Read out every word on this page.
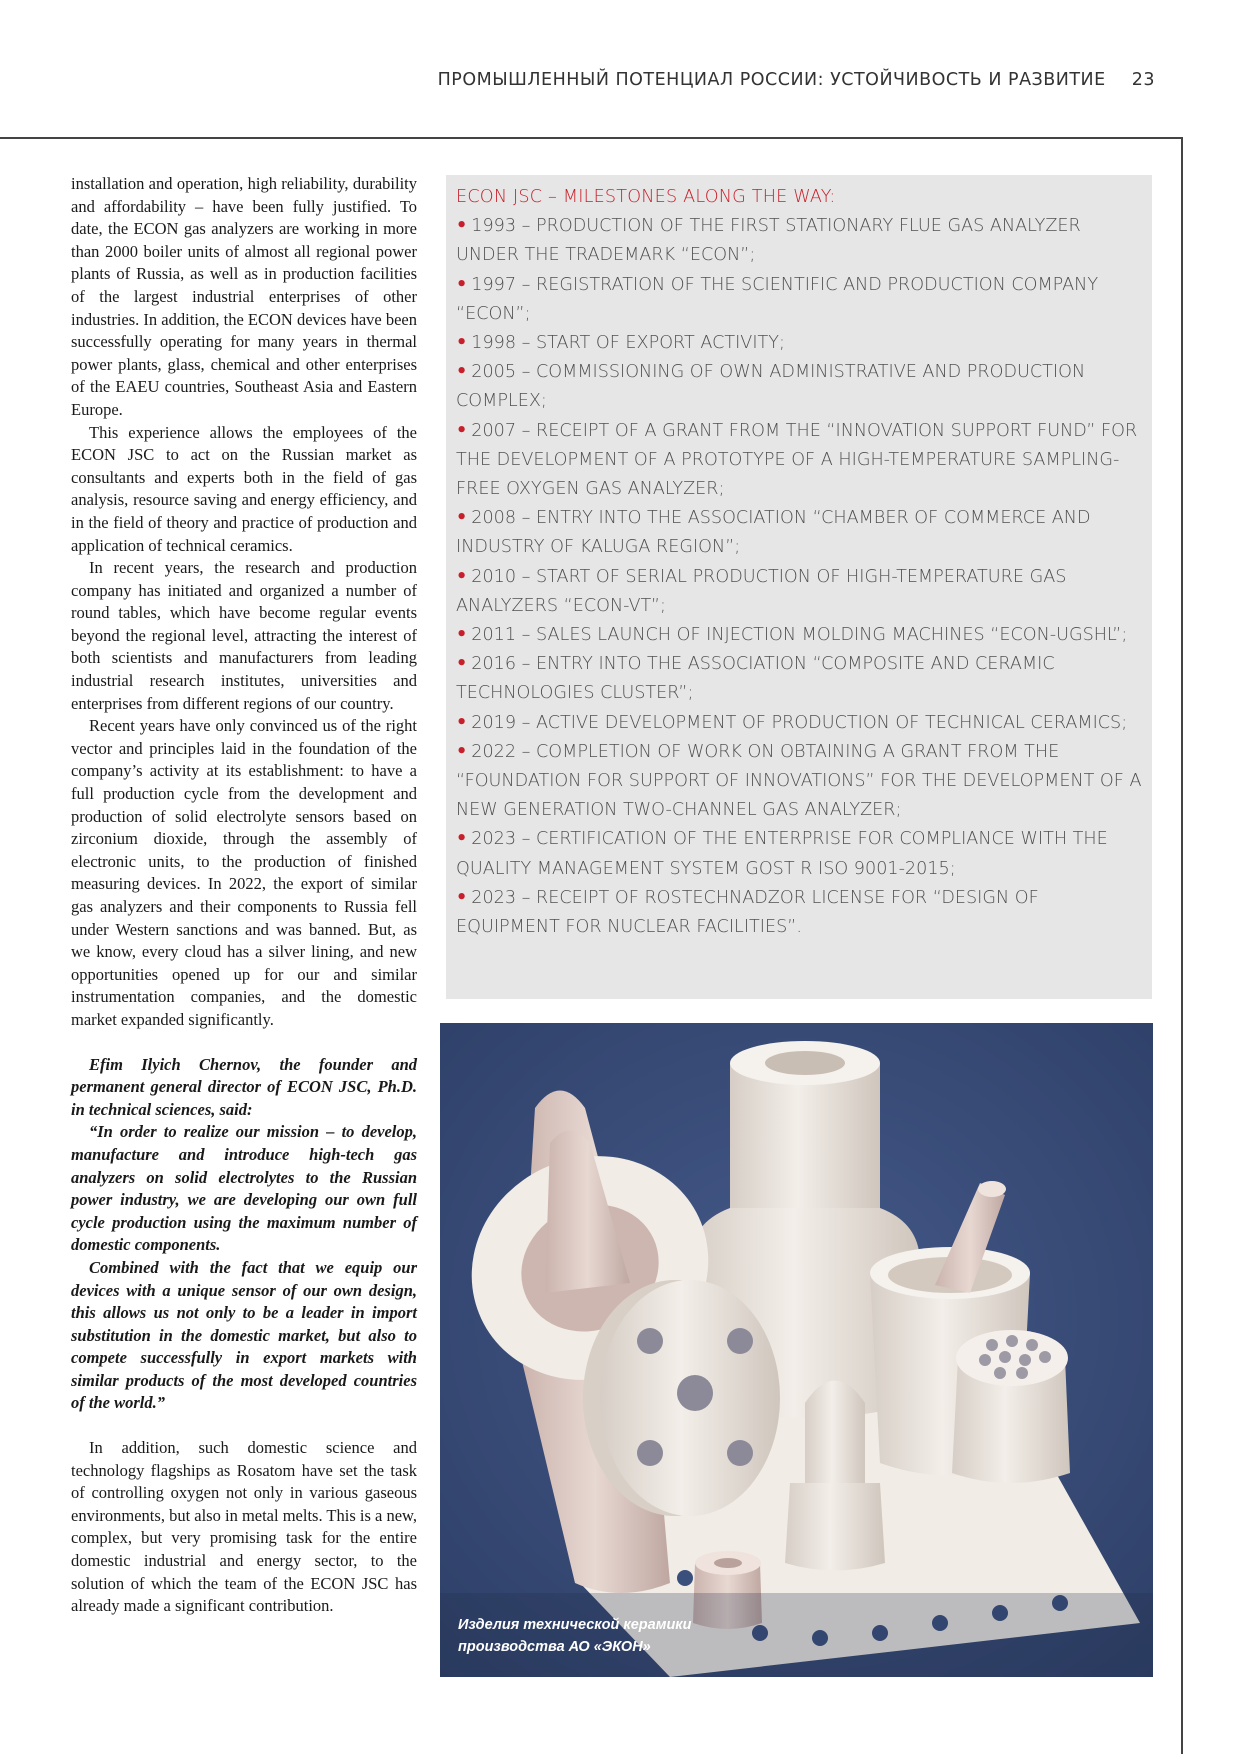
ПРОМЫШЛЕННЫЙ ПОТЕНЦИАЛ РОССИИ: УСТОЙЧИВОСТЬ И РАЗВИТИЕ 23

installation and operation, high reliability, durability and affordability – have been fully justified. To date, the ECON gas analyzers are working in more than 2000 boiler units of almost all regional power plants of Russia, as well as in production facilities of the largest industrial enterprises of other industries. In addition, the ECON devices have been successfully operating for many years in thermal power plants, glass, chemical and other enterprises of the EAEU countries, Southeast Asia and Eastern Europe.

This experience allows the employees of the ECON JSC to act on the Russian market as consultants and experts both in the field of gas analysis, resource saving and energy efficiency, and in the field of theory and practice of production and application of technical ceramics.

In recent years, the research and production company has initiated and organized a number of round tables, which have become regular events beyond the regional level, attracting the interest of both scientists and manufacturers from leading industrial research institutes, universities and enterprises from different regions of our country.

Recent years have only convinced us of the right vector and principles laid in the foundation of the company’s activity at its establishment: to have a full production cycle from the development and production of solid electrolyte sensors based on zirconium dioxide, through the assembly of electronic units, to the production of finished measuring devices. In 2022, the export of similar gas analyzers and their components to Russia fell under Western sanctions and was banned. But, as we know, every cloud has a silver lining, and new opportunities opened up for our and similar instrumentation companies, and the domestic market expanded significantly.

Efim Ilyich Chernov, the founder and permanent general director of ECON JSC, Ph.D. in technical sciences, said:

“In order to realize our mission – to develop, manufacture and introduce high-tech gas analyzers on solid electrolytes to the Russian power industry, we are developing our own full cycle production using the maximum number of domestic components.

Combined with the fact that we equip our devices with a unique sensor of our own design, this allows us not only to be a leader in import substitution in the domestic market, but also to compete successfully in export markets with similar products of the most developed countries of the world.”

In addition, such domestic science and technology flagships as Rosatom have set the task of controlling oxygen not only in various gaseous environments, but also in metal melts. This is a new, complex, but very promising task for the entire domestic industrial and energy sector, to the solution of which the team of the ECON JSC has already made a significant contribution.

ECON JSC – MILESTONES ALONG THE WAY:
• 1993 – PRODUCTION OF THE FIRST STATIONARY FLUE GAS ANALYZER UNDER THE TRADEMARK “ECON”;
• 1997 – REGISTRATION OF THE SCIENTIFIC AND PRODUCTION COMPANY “ECON”;
• 1998 – START OF EXPORT ACTIVITY;
• 2005 – COMMISSIONING OF OWN ADMINISTRATIVE AND PRODUCTION COMPLEX;
• 2007 – RECEIPT OF A GRANT FROM THE “INNOVATION SUPPORT FUND” FOR THE DEVELOPMENT OF A PROTOTYPE OF A HIGH-TEMPERATURE SAMPLING-FREE OXYGEN GAS ANALYZER;
• 2008 – ENTRY INTO THE ASSOCIATION “CHAMBER OF COMMERCE AND INDUSTRY OF KALUGA REGION”;
• 2010 – START OF SERIAL PRODUCTION OF HIGH-TEMPERATURE GAS ANALYZERS “ECON-VT”;
• 2011 – SALES LAUNCH OF INJECTION MOLDING MACHINES “ECON-UGSHL”;
• 2016 – ENTRY INTO THE ASSOCIATION “COMPOSITE AND CERAMIC TECHNOLOGIES CLUSTER”;
• 2019 – ACTIVE DEVELOPMENT OF PRODUCTION OF TECHNICAL CERAMICS;
• 2022 – COMPLETION OF WORK ON OBTAINING A GRANT FROM THE “FOUNDATION FOR SUPPORT OF INNOVATIONS” FOR THE DEVELOPMENT OF A NEW GENERATION TWO-CHANNEL GAS ANALYZER;
• 2023 – CERTIFICATION OF THE ENTERPRISE FOR COMPLIANCE WITH THE QUALITY MANAGEMENT SYSTEM GOST R ISO 9001-2015;
• 2023 – RECEIPT OF ROSTECHNADZOR LICENSE FOR “DESIGN OF EQUIPMENT FOR NUCLEAR FACILITIES”.
Изделия технической керамики
производства АО «ЭКОН»
